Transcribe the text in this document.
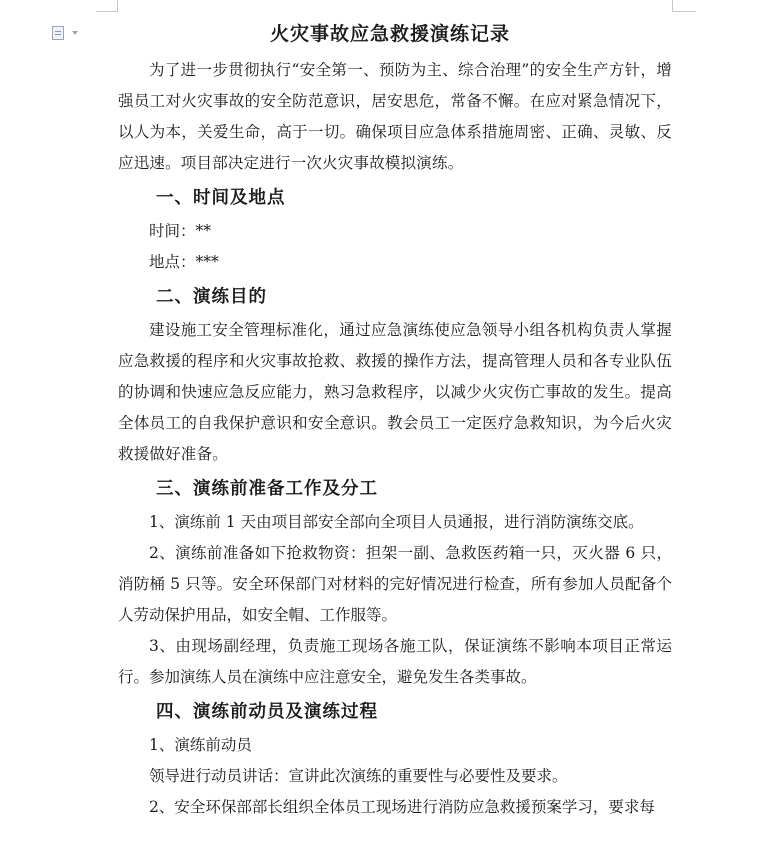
火灾事故应急救援演练记录

为了进一步贯彻执行“安全第一、预防为主、综合治理”的安全生产方针，增强员工对火灾事故的安全防范意识，居安思危，常备不懈。在应对紧急情况下，以人为本，关爱生命，高于一切。确保项目应急体系措施周密、正确、灵敏、反应迅速。项目部决定进行一次火灾事故模拟演练。

一、时间及地点
时间：**
地点：***
二、演练目的

建设施工安全管理标准化，通过应急演练使应急领导小组各机构负责人掌握应急救援的程序和火灾事故抢救、救援的操作方法，提高管理人员和各专业队伍的协调和快速应急反应能力，熟习急救程序，以减少火灾伤亡事故的发生。提高全体员工的自我保护意识和安全意识。教会员工一定医疗急救知识，为今后火灾救援做好准备。

三、演练前准备工作及分工

1、演练前 1 天由项目部安全部向全项目人员通报，进行消防演练交底。

2、演练前准备如下抢救物资：担架一副、急救医药箱一只，灭火器 6 只，消防桶 5 只等。安全环保部门对材料的完好情况进行检查，所有参加人员配备个人劳动保护用品，如安全帽、工作服等。

3、由现场副经理，负责施工现场各施工队，保证演练不影响本项目正常运行。参加演练人员在演练中应注意安全，避免发生各类事故。

四、演练前动员及演练过程
1、演练前动员
领导进行动员讲话：宣讲此次演练的重要性与必要性及要求。

2、安全环保部部长组织全体员工现场进行消防应急救援预案学习，要求每
